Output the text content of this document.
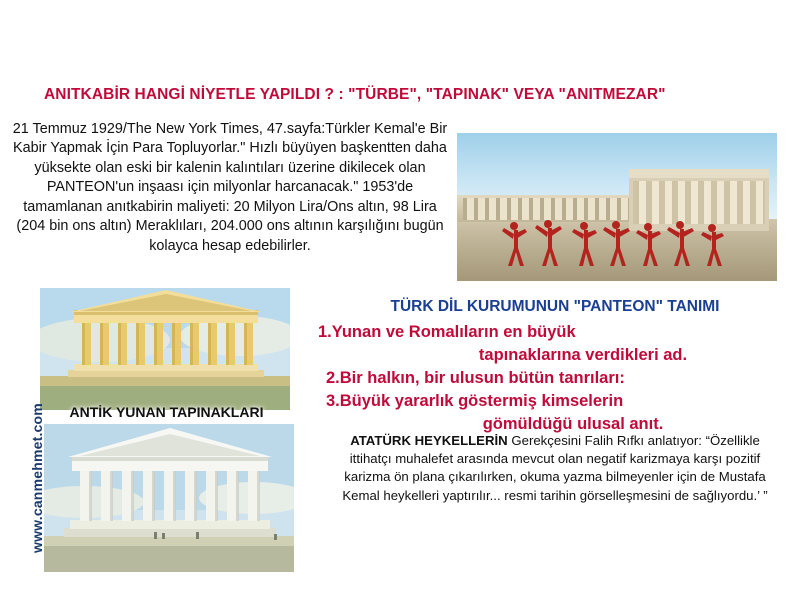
ANITKABİR HANGİ NİYETLE YAPILDI ? : "TÜRBE", "TAPINAK" VEYA "ANITMEZAR"
21 Temmuz 1929/The New York Times, 47.sayfa:Türkler Kemal'e Bir Kabir Yapmak İçin Para Topluyorlar." Hızlı büyüyen başkentten daha yüksekte olan eski bir kalenin kalıntıları üzerine dikilecek olan PANTEON'un inşaası için milyonlar harcanacak." 1953'de tamamlanan anıtkabirin maliyeti: 20 Milyon Lira/Ons altın, 98 Lira (204 bin ons altın) Meraklıları, 204.000 ons altının karşılığını bugün kolayca hesap edebilirler.
ANTİK YUNAN TAPINAKLARI
www.canmehmet.com
TÜRK DİL KURUMUNUN "PANTEON" TANIMI
1.Yunan ve Romalıların en büyük
tapınaklarına verdikleri ad.
2.Bir halkın, bir ulusun bütün tanrıları:
3.Büyük yararlık göstermiş kimselerin
gömüldüğü ulusal anıt.
ATATÜRK HEYKELLERİN Gerekçesini Falih Rıfkı anlatıyor: “Özellikle ittihatçı muhalefet arasında mevcut olan negatif karizmaya karşı pozitif karizma ön plana çıkarılırken, okuma yazma bilmeyenler için de Mustafa Kemal heykelleri yaptırılır... resmi tarihin görselleşmesini de sağlıyordu.’ ”
